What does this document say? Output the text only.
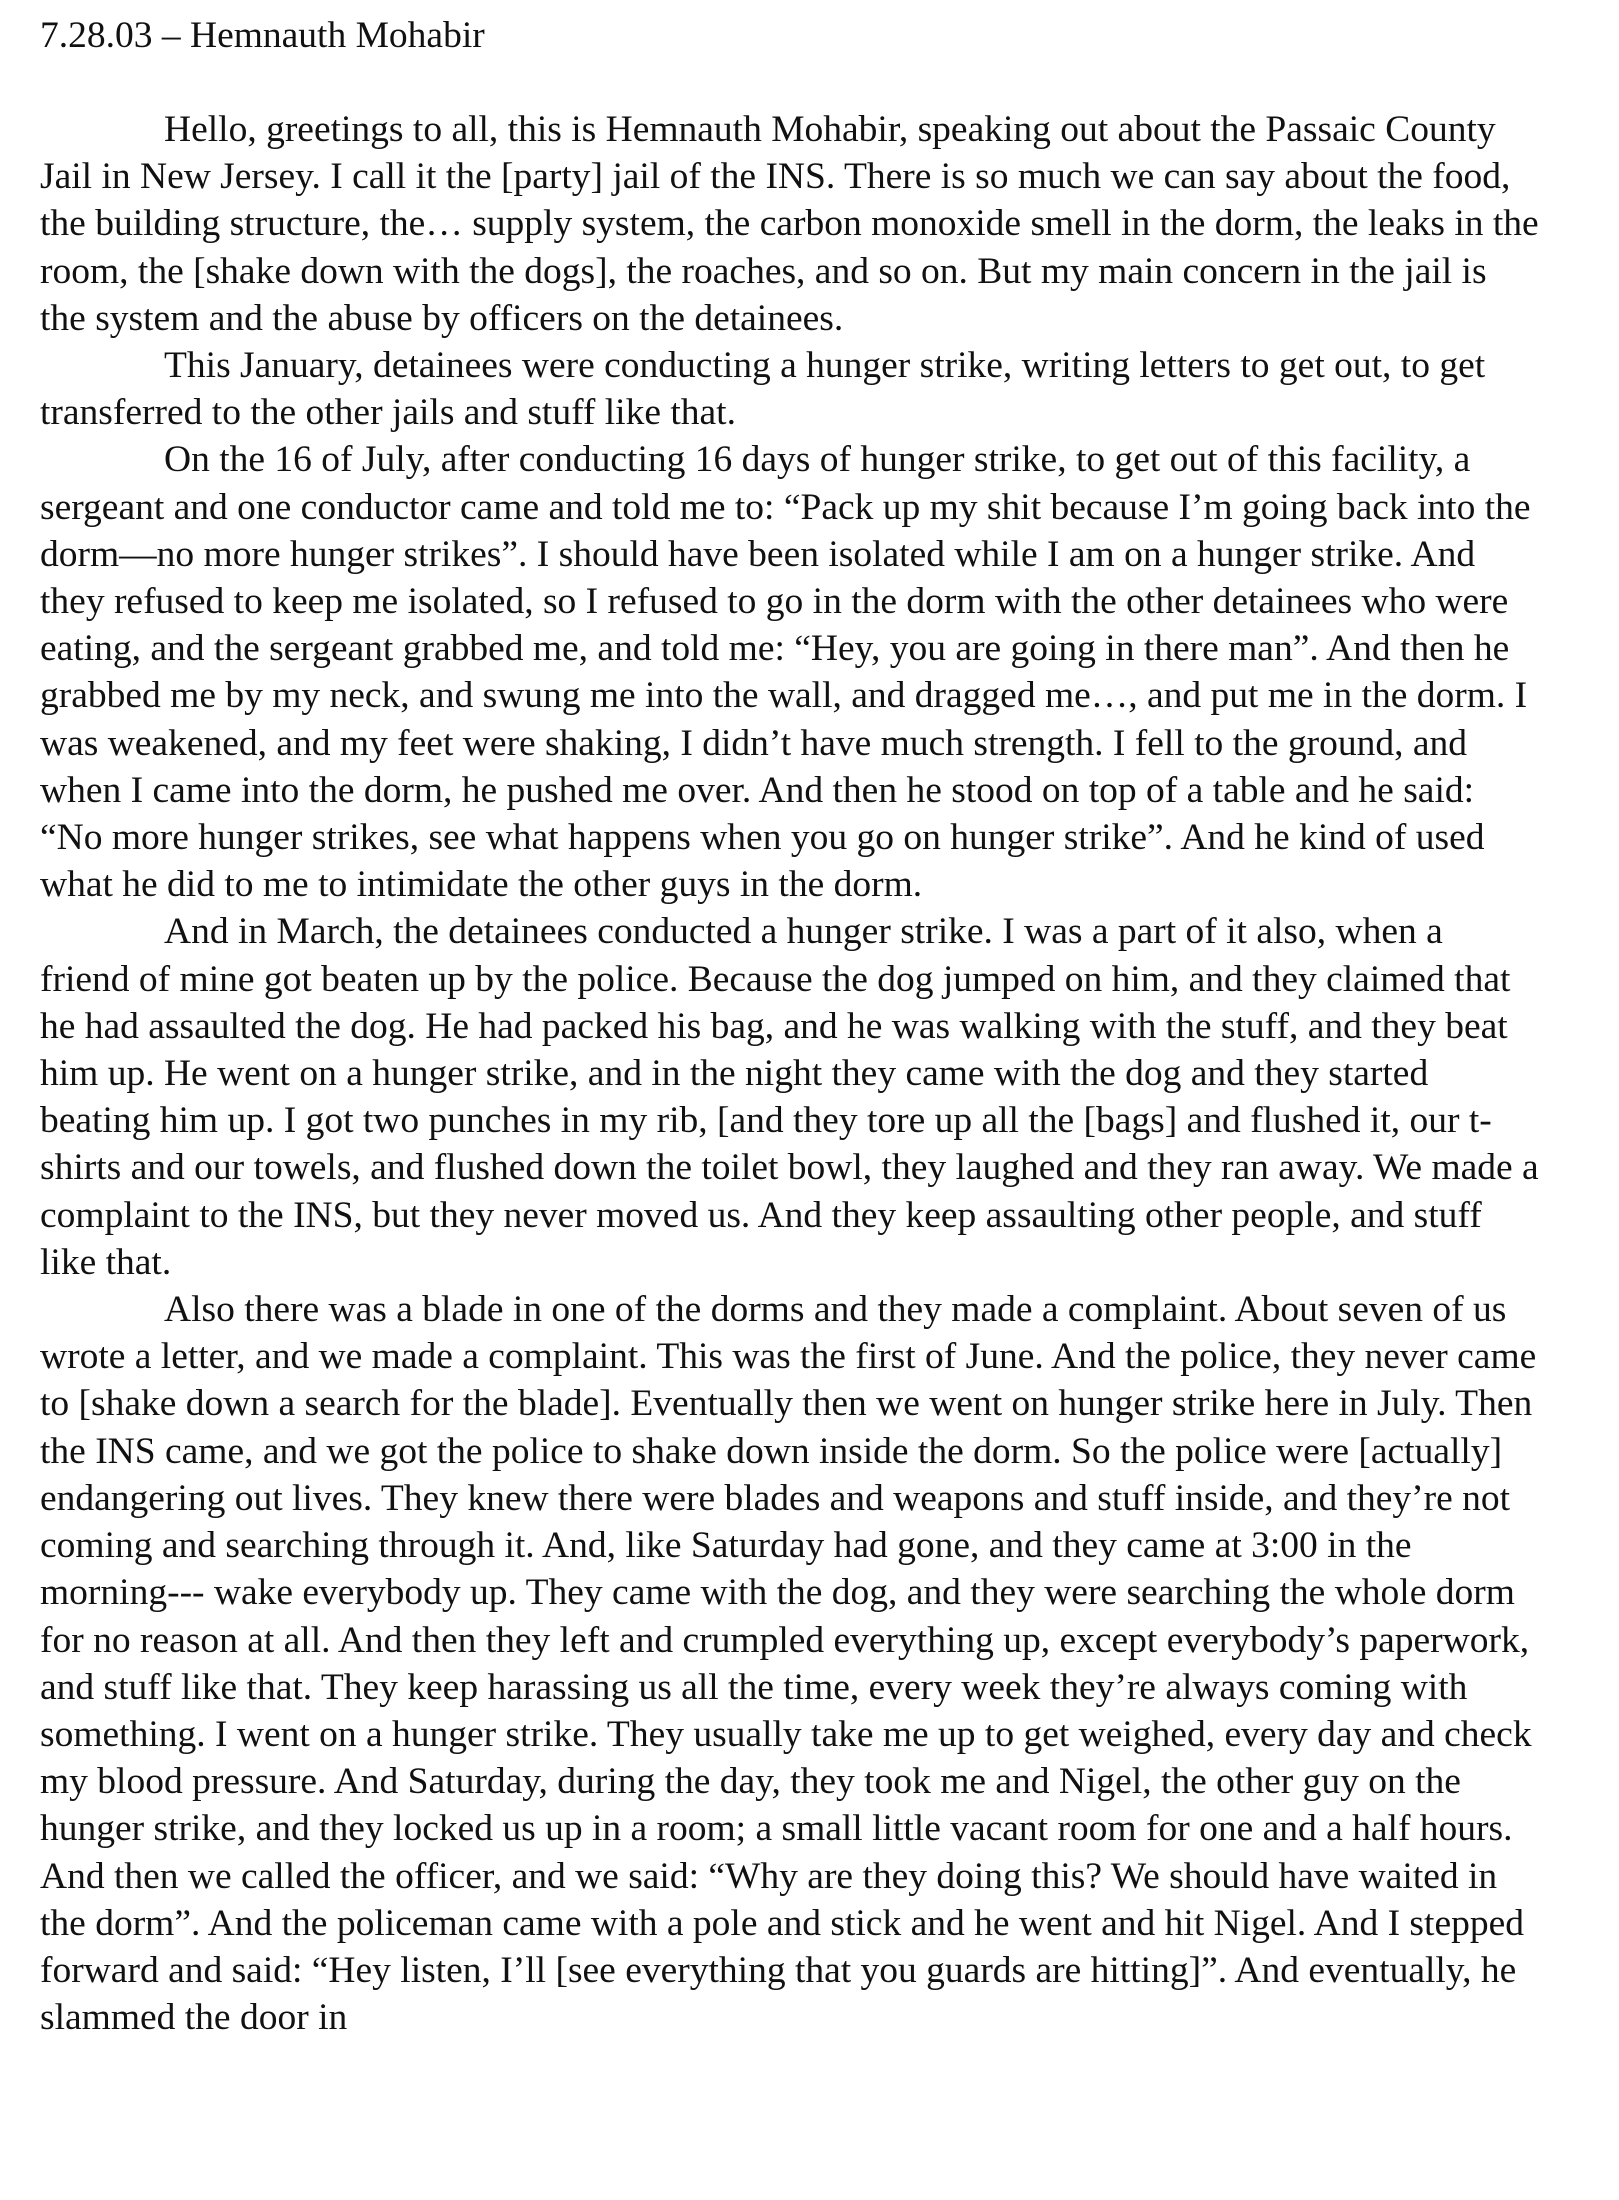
7.28.03 – Hemnauth Mohabir

Hello, greetings to all, this is Hemnauth Mohabir, speaking out about the Passaic County Jail in New Jersey. I call it the [party] jail of the INS. There is so much we can say about the food, the building structure, the… supply system, the carbon monoxide smell in the dorm, the leaks in the room, the [shake down with the dogs], the roaches, and so on. But my main concern in the jail is the system and the abuse by officers on the detainees.

This January, detainees were conducting a hunger strike, writing letters to get out, to get transferred to the other jails and stuff like that.

On the 16 of July, after conducting 16 days of hunger strike, to get out of this facility, a sergeant and one conductor came and told me to: “Pack up my shit because I’m going back into the dorm—no more hunger strikes”. I should have been isolated while I am on a hunger strike. And they refused to keep me isolated, so I refused to go in the dorm with the other detainees who were eating, and the sergeant grabbed me, and told me: “Hey, you are going in there man”. And then he grabbed me by my neck, and swung me into the wall, and dragged me…, and put me in the dorm. I was weakened, and my feet were shaking, I didn’t have much strength. I fell to the ground, and when I came into the dorm, he pushed me over. And then he stood on top of a table and he said: “No more hunger strikes, see what happens when you go on hunger strike”. And he kind of used what he did to me to intimidate the other guys in the dorm.

And in March, the detainees conducted a hunger strike. I was a part of it also, when a friend of mine got beaten up by the police. Because the dog jumped on him, and they claimed that he had assaulted the dog. He had packed his bag, and he was walking with the stuff, and they beat him up. He went on a hunger strike, and in the night they came with the dog and they started beating him up. I got two punches in my rib, [and they tore up all the [bags] and flushed it, our t-shirts and our towels, and flushed down the toilet bowl, they laughed and they ran away. We made a complaint to the INS, but they never moved us. And they keep assaulting other people, and stuff like that.

Also there was a blade in one of the dorms and they made a complaint. About seven of us wrote a letter, and we made a complaint. This was the first of June. And the police, they never came to [shake down a search for the blade]. Eventually then we went on hunger strike here in July. Then the INS came, and we got the police to shake down inside the dorm. So the police were [actually] endangering out lives. They knew there were blades and weapons and stuff inside, and they’re not coming and searching through it. And, like Saturday had gone, and they came at 3:00 in the morning--- wake everybody up. They came with the dog, and they were searching the whole dorm for no reason at all. And then they left and crumpled everything up, except everybody’s paperwork, and stuff like that. They keep harassing us all the time, every week they’re always coming with something. I went on a hunger strike. They usually take me up to get weighed, every day and check my blood pressure. And Saturday, during the day, they took me and Nigel, the other guy on the hunger strike, and they locked us up in a room; a small little vacant room for one and a half hours. And then we called the officer, and we said: “Why are they doing this? We should have waited in the dorm”. And the policeman came with a pole and stick and he went and hit Nigel. And I stepped forward and said: “Hey listen, I’ll [see everything that you guards are hitting]”. And eventually, he slammed the door in
